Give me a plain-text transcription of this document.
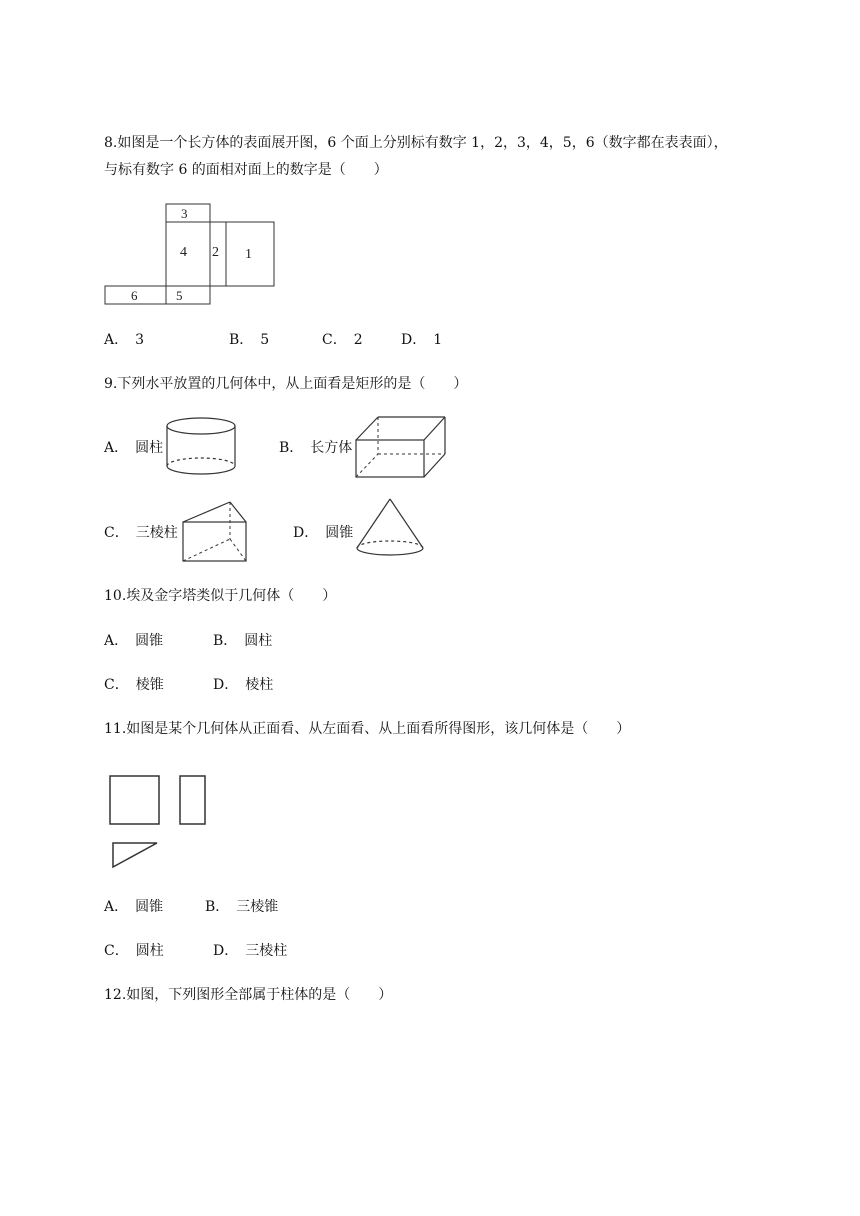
8.如图是一个长方体的表面展开图，6 个面上分别标有数字 1，2，3，4，5，6（数字都在表表面），
与标有数字 6 的面相对面上的数字是（　　）
3
4 2 1
6	5
A．　3	B．　5	C．　2	D．　1
9.下列水平放置的几何体中，从上面看是矩形的是（　　）
A．　圆柱	B．　长方体
C．　三棱柱	D．　圆锥
10.埃及金字塔类似于几何体（　　）
A．　圆锥	B．　圆柱
C．　棱锥	D．　棱柱
11.如图是某个几何体从正面看、从左面看、从上面看所得图形，该几何体是（　　）
A．　圆锥	B．　三棱锥
C．　圆柱	D．　三棱柱
12.如图，下列图形全部属于柱体的是（　　）
